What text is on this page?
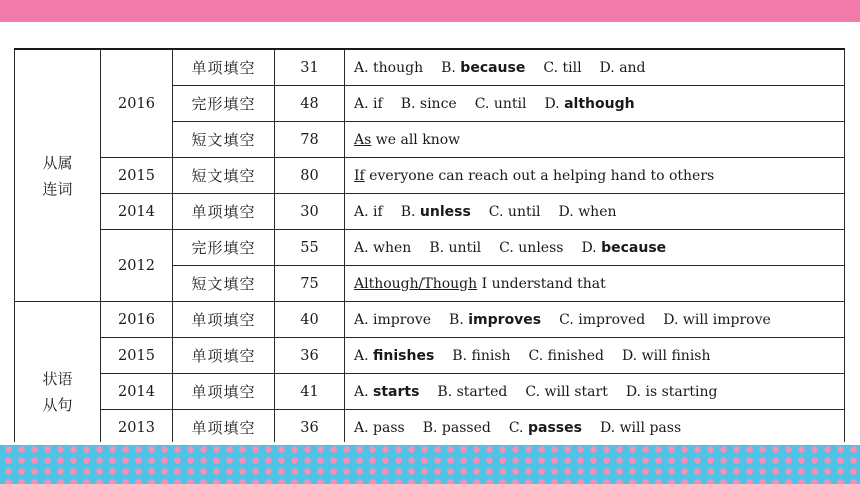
从属
连词	2016	单项填空	31	A. though B. because C. till D. and
		完形填空	48	A. if B. since C. until D. although
		短文填空	78	As we all know
	2015	短文填空	80	If everyone can reach out a helping hand to others
	2014	单项填空	30	A. if B. unless C. until D. when
	2012	完形填空	55	A. when B. until C. unless D. because
		短文填空	75	Although/Though I understand that
状语
从句	2016	单项填空	40	A. improve B. improves C. improved D. will improve
	2015	单项填空	36	A. finishes B. finish C. finished D. will finish
	2014	单项填空	41	A. starts B. started C. will start D. is starting
	2013	单项填空	36	A. pass B. passed C. passes D. will pass
